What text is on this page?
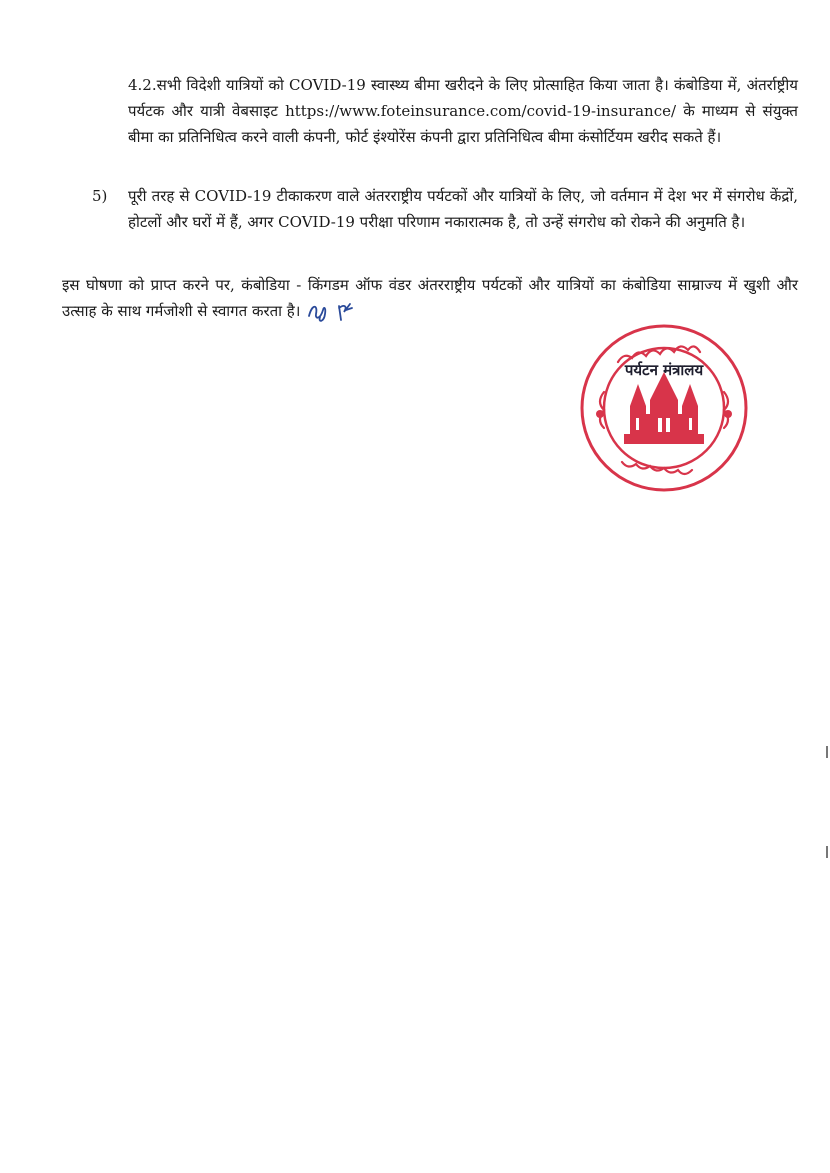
4.2.सभी विदेशी यात्रियों को COVID-19 स्वास्थ्य बीमा खरीदने के लिए प्रोत्साहित किया जाता है। कंबोडिया में, अंतर्राष्ट्रीय पर्यटक और यात्री वेबसाइट https://www.foteinsurance.com/covid-19-insurance/ के माध्यम से संयुक्त बीमा का प्रतिनिधित्व करने वाली कंपनी, फोर्ट इंश्योरेंस कंपनी द्वारा प्रतिनिधित्व बीमा कंसोर्टियम खरीद सकते हैं।

5) पूरी तरह से COVID-19 टीकाकरण वाले अंतरराष्ट्रीय पर्यटकों और यात्रियों के लिए, जो वर्तमान में देश भर में संगरोध केंद्रों, होटलों और घरों में हैं, अगर COVID-19 परीक्षा परिणाम नकारात्मक है, तो उन्हें संगरोध को रोकने की अनुमति है।

इस घोषणा को प्राप्त करने पर, कंबोडिया - किंगडम ऑफ वंडर अंतरराष्ट्रीय पर्यटकों और यात्रियों का कंबोडिया साम्राज्य में खुशी और उत्साह के साथ गर्मजोशी से स्वागत करता है।
पर्यटन मंत्रालय
